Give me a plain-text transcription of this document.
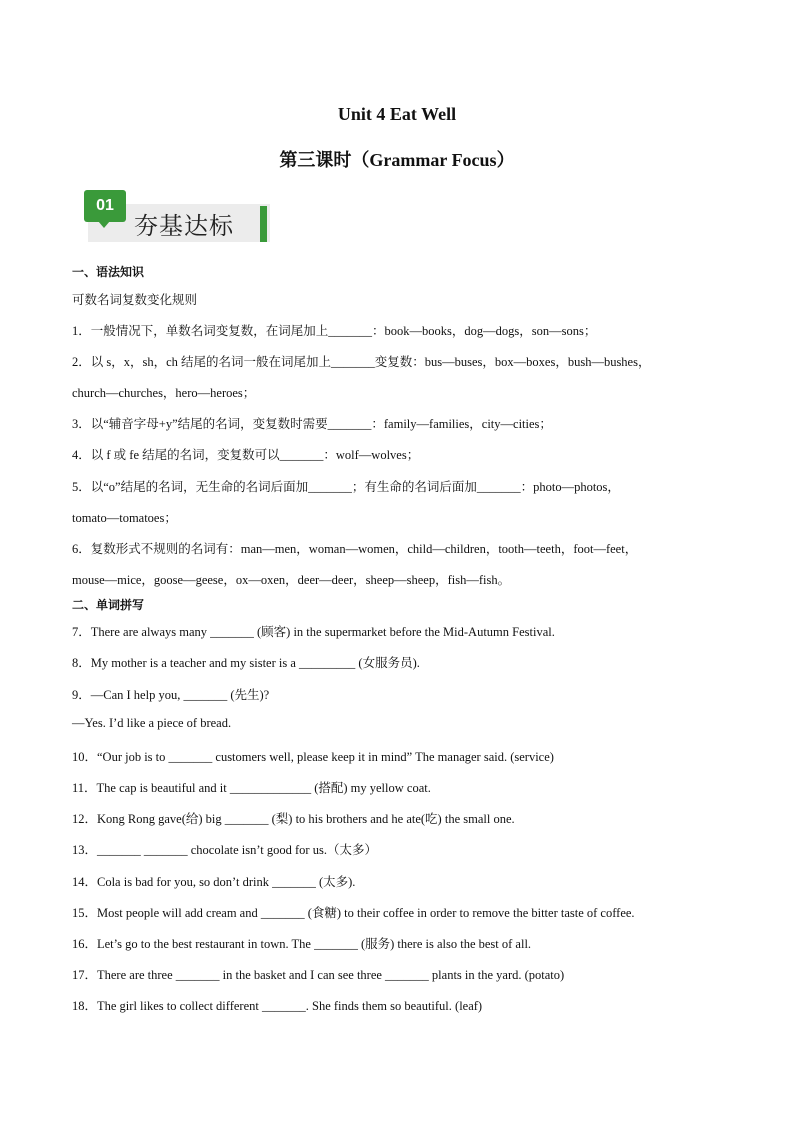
Unit 4 Eat Well
第三课时（Grammar Focus）
01
夯基达标
一、语法知识
可数名词复数变化规则
1．一般情况下，单数名词变复数，在词尾加上_______：book—books，dog—dogs，son—sons；
2．以 s，x，sh，ch 结尾的名词一般在词尾加上_______变复数：bus—buses，box—boxes，bush—bushes，
church—churches，hero—heroes；
3．以“辅音字母+y”结尾的名词，变复数时需要_______：family—families，city—cities；
4．以 f 或 fe 结尾的名词，变复数可以_______：wolf—wolves；
5．以“o”结尾的名词，无生命的名词后面加_______；有生命的名词后面加_______：photo—photos，
tomato—tomatoes；
6．复数形式不规则的名词有：man—men，woman—women，child—children，tooth—teeth，foot—feet，
mouse—mice，goose—geese，ox—oxen，deer—deer，sheep—sheep，fish—fish。
二、单词拼写
7．There are always many _______ (顾客) in the supermarket before the Mid-Autumn Festival.
8．My mother is a teacher and my sister is a _________ (女服务员).
9．—Can I help you, _______ (先生)?
—Yes. I’d like a piece of bread.
10．“Our job is to _______ customers well, please keep it in mind” The manager said. (service)
11．The cap is beautiful and it _____________ (搭配) my yellow coat.
12．Kong Rong gave(给) big _______ (梨) to his brothers and he ate(吃) the small one.
13．_______ _______ chocolate isn’t good for us.（太多）
14．Cola is bad for you, so don’t drink _______ (太多).
15．Most people will add cream and _______ (食糖) to their coffee in order to remove the bitter taste of coffee.
16．Let’s go to the best restaurant in town. The _______ (服务) there is also the best of all.
17．There are three _______ in the basket and I can see three _______ plants in the yard. (potato)
18．The girl likes to collect different _______. She finds them so beautiful. (leaf)
